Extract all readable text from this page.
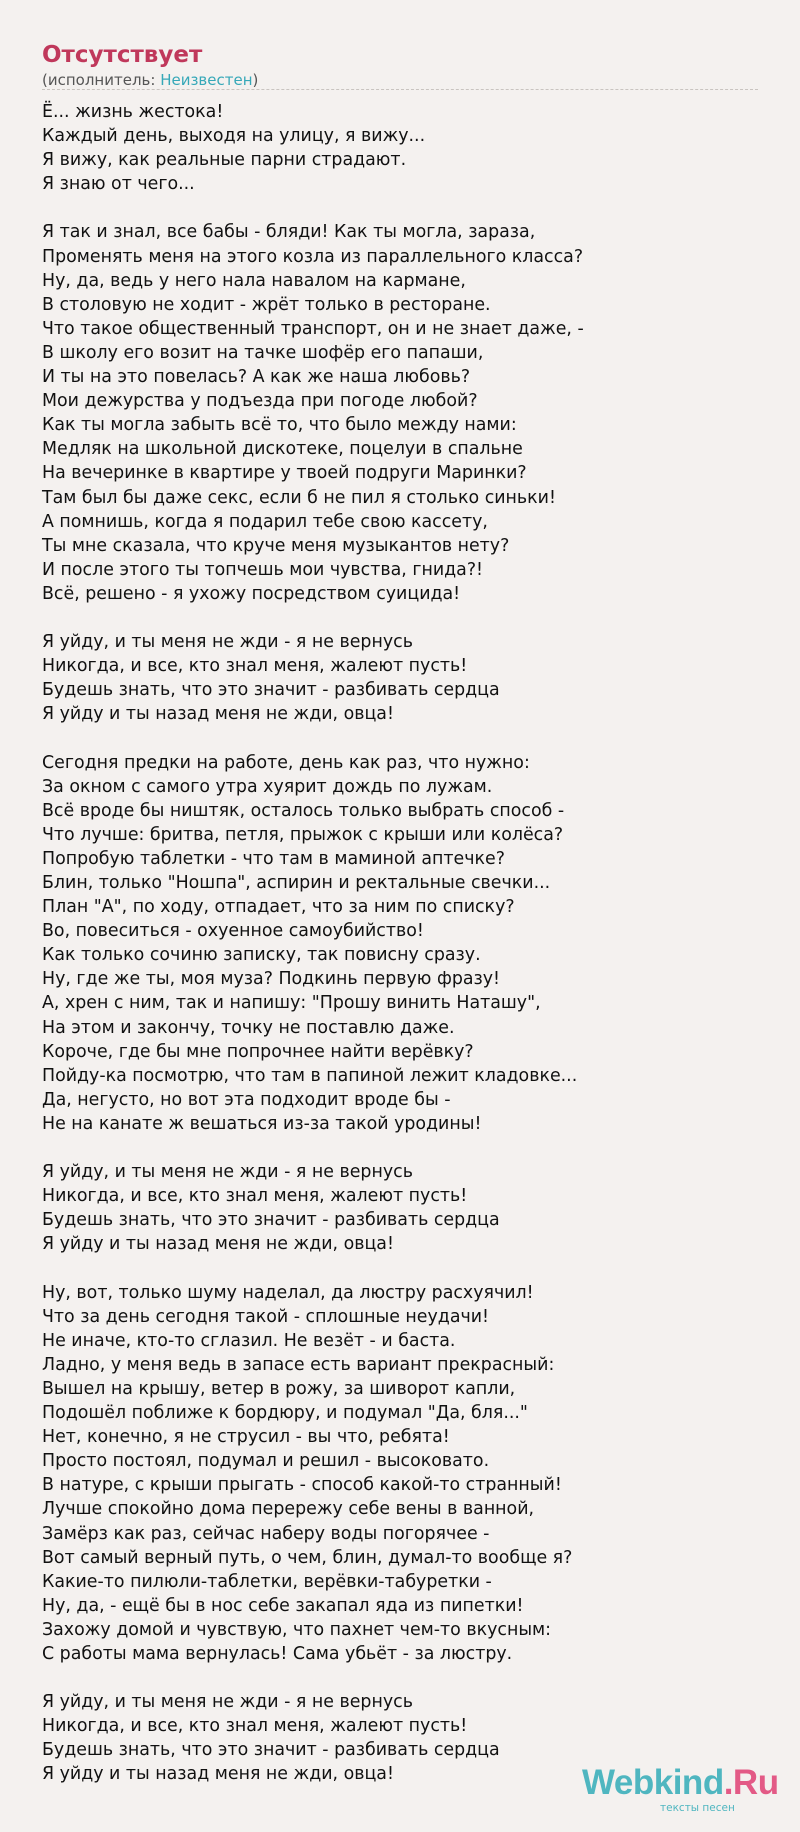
Отсутствует
(исполнитель: Неизвестен)
Ё... жизнь жестока!
Каждый день, выходя на улицу, я вижу...
Я вижу, как реальные парни страдают.
Я знаю от чего...
Я так и знал, все бабы - бляди! Как ты могла, зараза,
Променять меня на этого козла из параллельного класса?
Ну, да, ведь у него нала навалом на кармане,
В столовую не ходит - жрёт только в ресторане.
Что такое общественный транспорт, он и не знает даже, -
В школу его возит на тачке шофёр его папаши,
И ты на это повелась? А как же наша любовь?
Мои дежурства у подъезда при погоде любой?
Как ты могла забыть всё то, что было между нами:
Медляк на школьной дискотеке, поцелуи в спальне
На вечеринке в квартире у твоей подруги Маринки?
Там был бы даже секс, если б не пил я столько синьки!
А помнишь, когда я подарил тебе свою кассету,
Ты мне сказала, что круче меня музыкантов нету?
И после этого ты топчешь мои чувства, гнида?!
Всё, решено - я ухожу посредством суицида!
Я уйду, и ты меня не жди - я не вернусь
Никогда, и все, кто знал меня, жалеют пусть!
Будешь знать, что это значит - разбивать сердца
Я уйду и ты назад меня не жди, овца!
Сегодня предки на работе, день как раз, что нужно:
За окном с самого утра хуярит дождь по лужам.
Всё вроде бы ништяк, осталось только выбрать способ -
Что лучше: бритва, петля, прыжок с крыши или колёса?
Попробую таблетки - что там в маминой аптечке?
Блин, только "Ношпа", аспирин и ректальные свечки...
План "А", по ходу, отпадает, что за ним по списку?
Во, повеситься - охуенное самоубийство!
Как только сочиню записку, так повисну сразу.
Ну, где же ты, моя муза? Подкинь первую фразу!
А, хрен с ним, так и напишу: "Прошу винить Наташу",
На этом и закончу, точку не поставлю даже.
Короче, где бы мне попрочнее найти верёвку?
Пойду-ка посмотрю, что там в папиной лежит кладовке...
Да, негусто, но вот эта подходит вроде бы -
Не на канате ж вешаться из-за такой уродины!
Я уйду, и ты меня не жди - я не вернусь
Никогда, и все, кто знал меня, жалеют пусть!
Будешь знать, что это значит - разбивать сердца
Я уйду и ты назад меня не жди, овца!
Ну, вот, только шуму наделал, да люстру расхуячил!
Что за день сегодня такой - сплошные неудачи!
Не иначе, кто-то сглазил. Не везёт - и баста.
Ладно, у меня ведь в запасе есть вариант прекрасный:
Вышел на крышу, ветер в рожу, за шиворот капли,
Подошёл поближе к бордюру, и подумал "Да, бля..."
Нет, конечно, я не струсил - вы что, ребята!
Просто постоял, подумал и решил - высоковато.
В натуре, с крыши прыгать - способ какой-то странный!
Лучше спокойно дома перережу себе вены в ванной,
Замёрз как раз, сейчас наберу воды погорячее -
Вот самый верный путь, о чем, блин, думал-то вообще я?
Какие-то пилюли-таблетки, верёвки-табуретки -
Ну, да, - ещё бы в нос себе закапал яда из пипетки!
Захожу домой и чувствую, что пахнет чем-то вкусным:
С работы мама вернулась! Сама убьёт - за люстру.
Я уйду, и ты меня не жди - я не вернусь
Никогда, и все, кто знал меня, жалеют пусть!
Будешь знать, что это значит - разбивать сердца
Я уйду и ты назад меня не жди, овца!	Webkind.Ru
тексты песен
